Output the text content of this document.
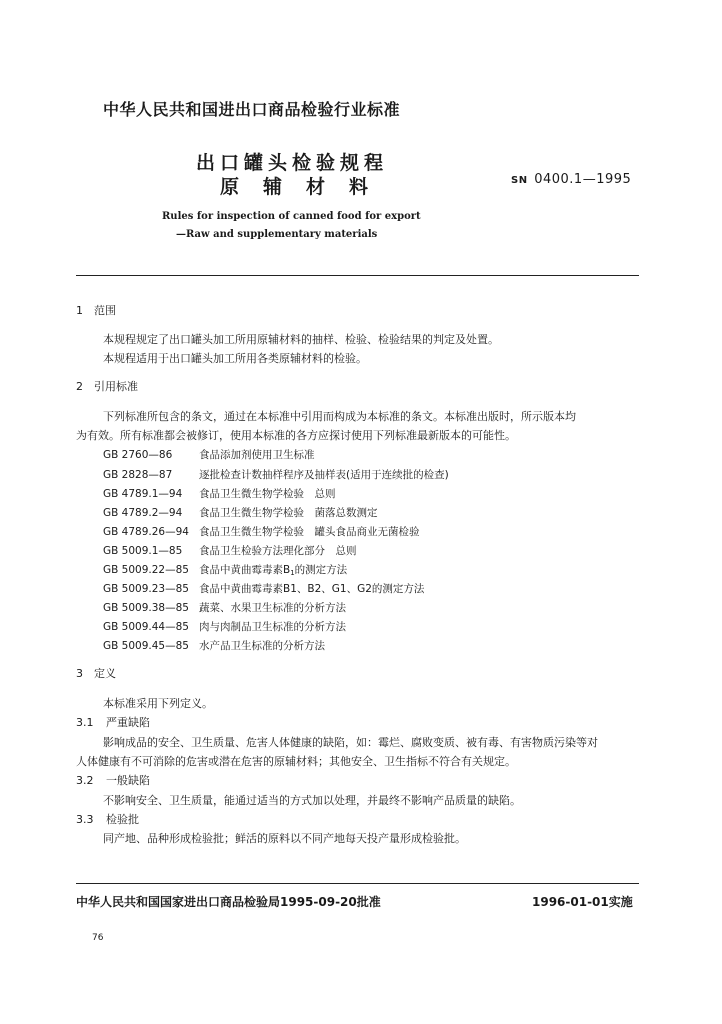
中华人民共和国进出口商品检验行业标准
出口罐头检验规程
原辅材料	SN 0400.1—1995
Rules for inspection of canned food for export
—Raw and supplementary materials
1 范围
本规程规定了出口罐头加工所用原辅材料的抽样、检验、检验结果的判定及处置。
本规程适用于出口罐头加工所用各类原辅材料的检验。
2 引用标准
下列标准所包含的条文，通过在本标准中引用而构成为本标准的条文。本标准出版时，所示版本均
为有效。所有标准都会被修订，使用本标准的各方应探讨使用下列标准最新版本的可能性。
GB 2760—86	食品添加剂使用卫生标准
GB 2828—87	逐批检查计数抽样程序及抽样表(适用于连续批的检查)
GB 4789.1—94 食品卫生微生物学检验　总则
GB 4789.2—94 食品卫生微生物学检验　菌落总数测定
GB 4789.26—94 食品卫生微生物学检验　罐头食品商业无菌检验
GB 5009.1—85 食品卫生检验方法理化部分　总则
GB 5009.22—85 食品中黄曲霉毒素$B_1$的测定方法
GB 5009.23—85 食品中黄曲霉毒素B1、B2、G1、G2的测定方法
GB 5009.38—85 蔬菜、水果卫生标准的分析方法
GB 5009.44—85 肉与肉制品卫生标准的分析方法
GB 5009.45—85 水产品卫生标准的分析方法
3 定义
本标准采用下列定义。
3.1 严重缺陷
影响成品的安全、卫生质量、危害人体健康的缺陷，如：霉烂、腐败变质、被有毒、有害物质污染等对
人体健康有不可消除的危害或潜在危害的原辅材料；其他安全、卫生指标不符合有关规定。
3.2 一般缺陷
不影响安全、卫生质量，能通过适当的方式加以处理，并最终不影响产品质量的缺陷。
3.3 检验批
同产地、品种形成检验批；鲜活的原料以不同产地每天投产量形成检验批。
中华人民共和国国家进出口商品检验局1995-09-20批准	1996-01-01实施
76
